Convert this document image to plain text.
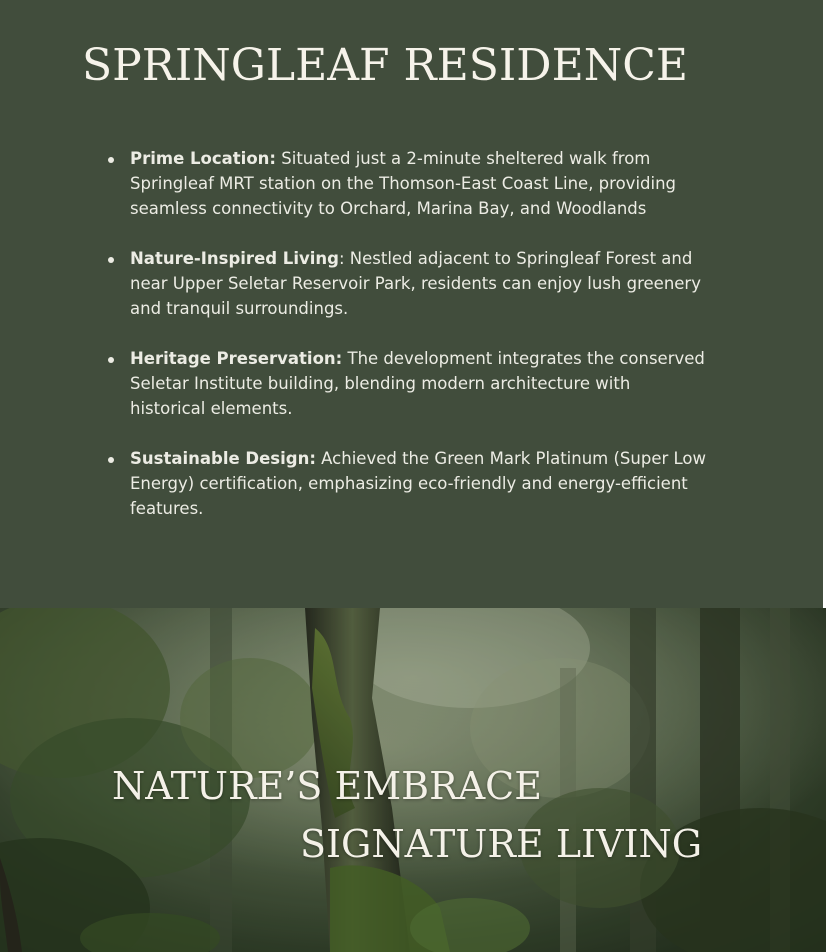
SPRINGLEAF RESIDENCE
Prime Location: Situated just a 2-minute sheltered walk from Springleaf MRT station on the Thomson-East Coast Line, providing seamless connectivity to Orchard, Marina Bay, and Woodlands
Nature-Inspired Living: Nestled adjacent to Springleaf Forest and near Upper Seletar Reservoir Park, residents can enjoy lush greenery and tranquil surroundings.
Heritage Preservation: The development integrates the conserved Seletar Institute building, blending modern architecture with historical elements.
Sustainable Design: Achieved the Green Mark Platinum (Super Low Energy) certification, emphasizing eco-friendly and energy-efficient features.
NATURE’S EMBRACE
SIGNATURE LIVING
